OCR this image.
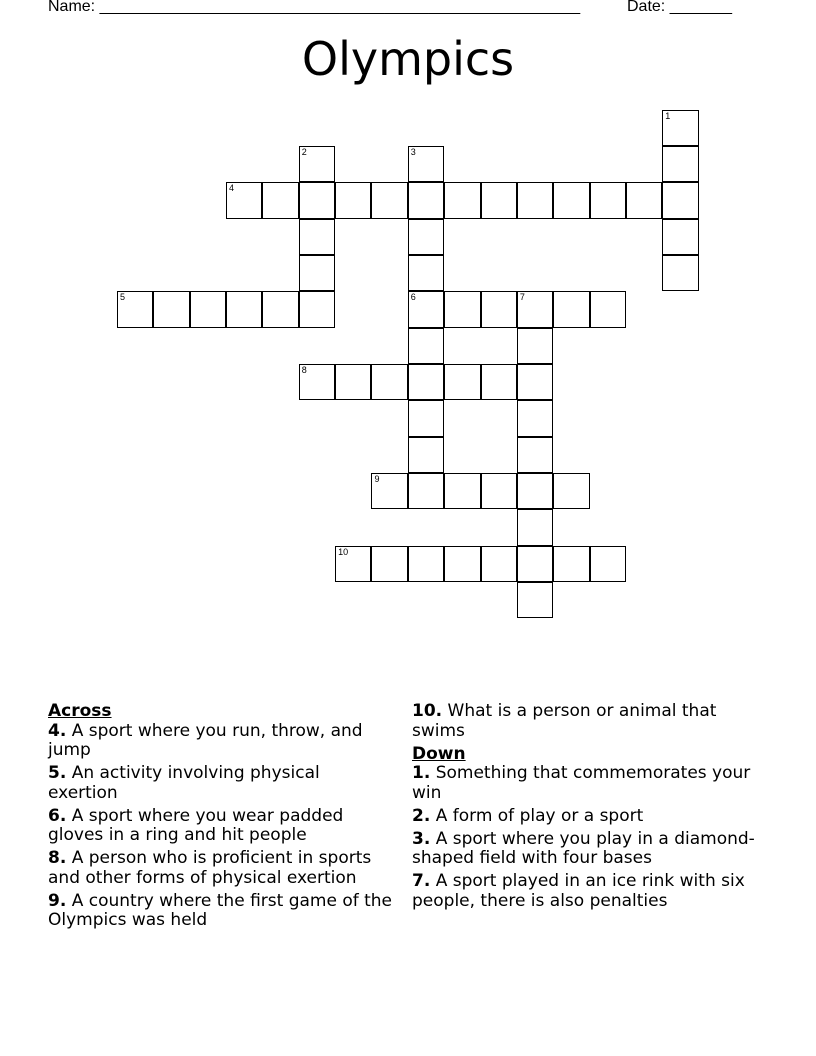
Name: ______________________________________________________	Date: _______
Olympics
1
2	3
6
4
5	7
8
9
10
Across
4. A sport where you run, throw, and jump
5. An activity involving physical exertion
6. A sport where you wear padded gloves in a ring and hit people
8. A person who is proficient in sports and other forms of physical exertion
9. A country where the first game of the Olympics was held
10. What is a person or animal that swims
Down
1. Something that commemorates your win
2. A form of play or a sport
3. A sport where you play in a diamond-shaped field with four bases
7. A sport played in an ice rink with six people, there is also penalties
